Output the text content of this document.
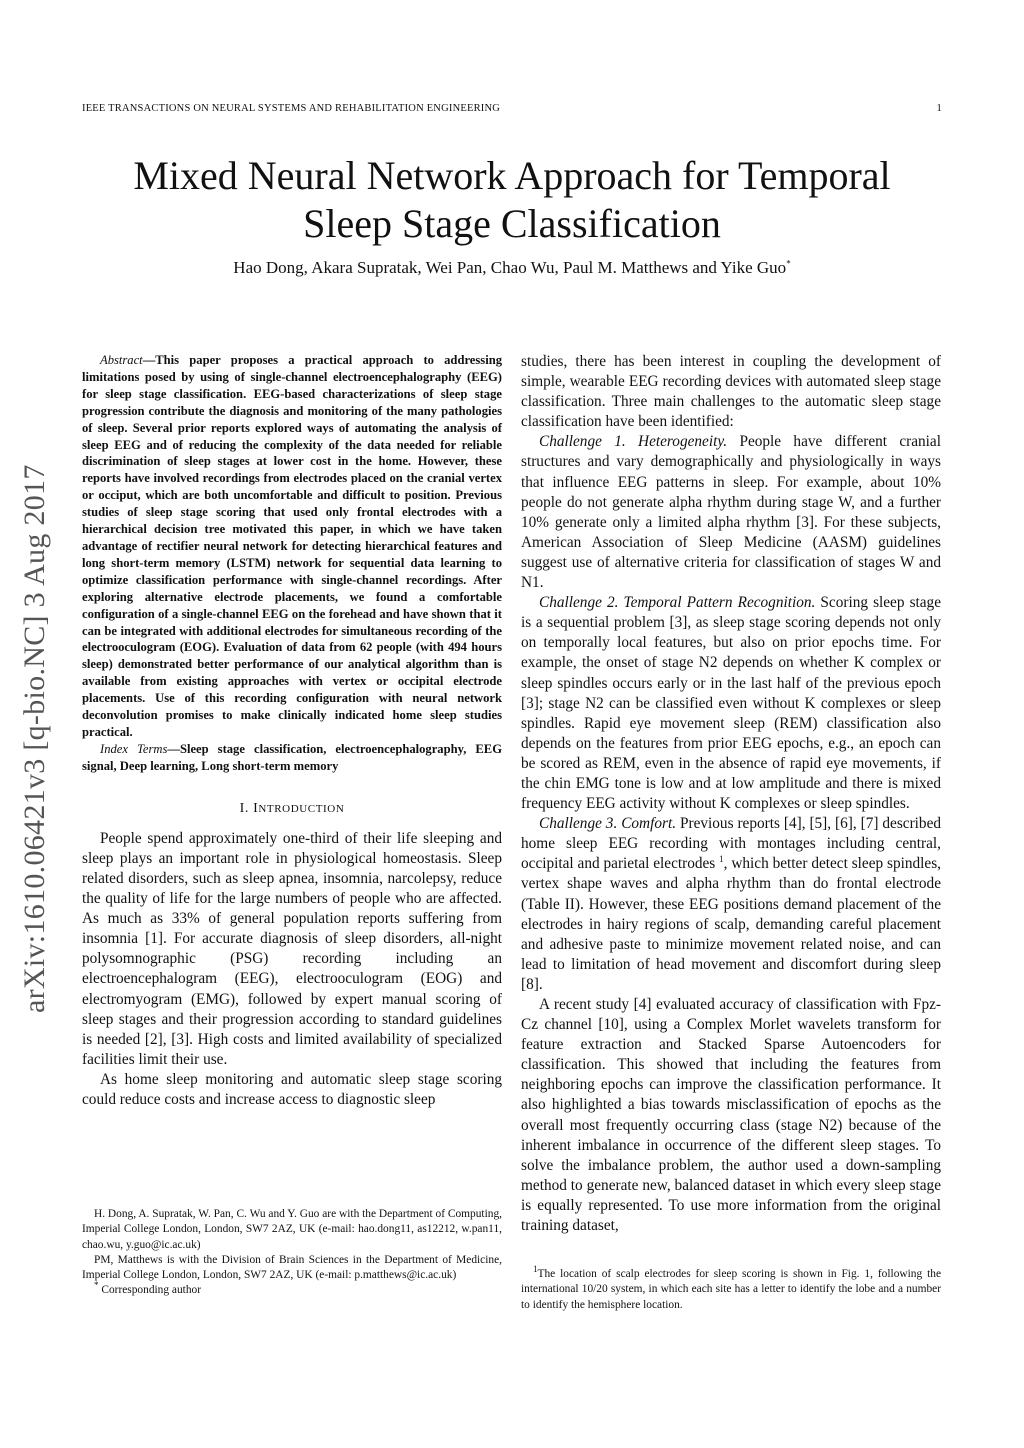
IEEE TRANSACTIONS ON NEURAL SYSTEMS AND REHABILITATION ENGINEERING	1
Mixed Neural Network Approach for Temporal
Sleep Stage Classification
Hao Dong, Akara Supratak, Wei Pan, Chao Wu, Paul M. Matthews and Yike Guo*
arXiv:1610.06421v3 [q-bio.NC] 3 Aug 2017

Abstract—This paper proposes a practical approach to addressing limitations posed by using of single-channel electroencephalography (EEG) for sleep stage classification. EEG-based characterizations of sleep stage progression contribute the diagnosis and monitoring of the many pathologies of sleep. Several prior reports explored ways of automating the analysis of sleep EEG and of reducing the complexity of the data needed for reliable discrimination of sleep stages at lower cost in the home. However, these reports have involved recordings from electrodes placed on the cranial vertex or occiput, which are both uncomfortable and difficult to position. Previous studies of sleep stage scoring that used only frontal electrodes with a hierarchical decision tree motivated this paper, in which we have taken advantage of rectifier neural network for detecting hierarchical features and long short-term memory (LSTM) network for sequential data learning to optimize classification performance with single-channel recordings. After exploring alternative electrode placements, we found a comfortable configuration of a single-channel EEG on the forehead and have shown that it can be integrated with additional electrodes for simultaneous recording of the electrooculogram (EOG). Evaluation of data from 62 people (with 494 hours sleep) demonstrated better performance of our analytical algorithm than is available from existing approaches with vertex or occipital electrode placements. Use of this recording configuration with neural network deconvolution promises to make clinically indicated home sleep studies practical.

Index Terms—Sleep stage classification, electroencephalography, EEG signal, Deep learning, Long short-term memory

I. INTRODUCTION

People spend approximately one-third of their life sleeping and sleep plays an important role in physiological homeostasis. Sleep related disorders, such as sleep apnea, insomnia, narcolepsy, reduce the quality of life for the large numbers of people who are affected. As much as 33% of general population reports suffering from insomnia [1]. For accurate diagnosis of sleep disorders, all-night polysomnographic (PSG) recording including an electroencephalogram (EEG), electrooculogram (EOG) and electromyogram (EMG), followed by expert manual scoring of sleep stages and their progression according to standard guidelines is needed [2], [3]. High costs and limited availability of specialized facilities limit their use.

As home sleep monitoring and automatic sleep stage scoring could reduce costs and increase access to diagnostic sleep

H. Dong, A. Supratak, W. Pan, C. Wu and Y. Guo are with the Department of Computing, Imperial College London, London, SW7 2AZ, UK (e-mail: hao.dong11, as12212, w.pan11, chao.wu, y.guo@ic.ac.uk)

PM, Matthews is with the Division of Brain Sciences in the Department of Medicine, Imperial College London, London, SW7 2AZ, UK (e-mail: p.matthews@ic.ac.uk)

* Corresponding author

studies, there has been interest in coupling the development of simple, wearable EEG recording devices with automated sleep stage classification. Three main challenges to the automatic sleep stage classification have been identified:

Challenge 1. Heterogeneity. People have different cranial structures and vary demographically and physiologically in ways that influence EEG patterns in sleep. For example, about 10% people do not generate alpha rhythm during stage W, and a further 10% generate only a limited alpha rhythm [3]. For these subjects, American Association of Sleep Medicine (AASM) guidelines suggest use of alternative criteria for classification of stages W and N1.

Challenge 2. Temporal Pattern Recognition. Scoring sleep stage is a sequential problem [3], as sleep stage scoring depends not only on temporally local features, but also on prior epochs time. For example, the onset of stage N2 depends on whether K complex or sleep spindles occurs early or in the last half of the previous epoch [3]; stage N2 can be classified even without K complexes or sleep spindles. Rapid eye movement sleep (REM) classification also depends on the features from prior EEG epochs, e.g., an epoch can be scored as REM, even in the absence of rapid eye movements, if the chin EMG tone is low and at low amplitude and there is mixed frequency EEG activity without K complexes or sleep spindles.

Challenge 3. Comfort. Previous reports [4], [5], [6], [7] described home sleep EEG recording with montages including central, occipital and parietal electrodes $^1$, which better detect sleep spindles, vertex shape waves and alpha rhythm than do frontal electrode (Table II). However, these EEG positions demand placement of the electrodes in hairy regions of scalp, demanding careful placement and adhesive paste to minimize movement related noise, and can lead to limitation of head movement and discomfort during sleep [8].

A recent study [4] evaluated accuracy of classification with Fpz-Cz channel [10], using a Complex Morlet wavelets transform for feature extraction and Stacked Sparse Autoencoders for classification. This showed that including the features from neighboring epochs can improve the classification performance. It also highlighted a bias towards misclassification of epochs as the overall most frequently occurring class (stage N2) because of the inherent imbalance in occurrence of the different sleep stages. To solve the imbalance problem, the author used a down-sampling method to generate new, balanced dataset in which every sleep stage is equally represented. To use more information from the original training dataset,

$^1$The location of scalp electrodes for sleep scoring is shown in Fig. 1, following the international 10/20 system, in which each site has a letter to identify the lobe and a number to identify the hemisphere location.
